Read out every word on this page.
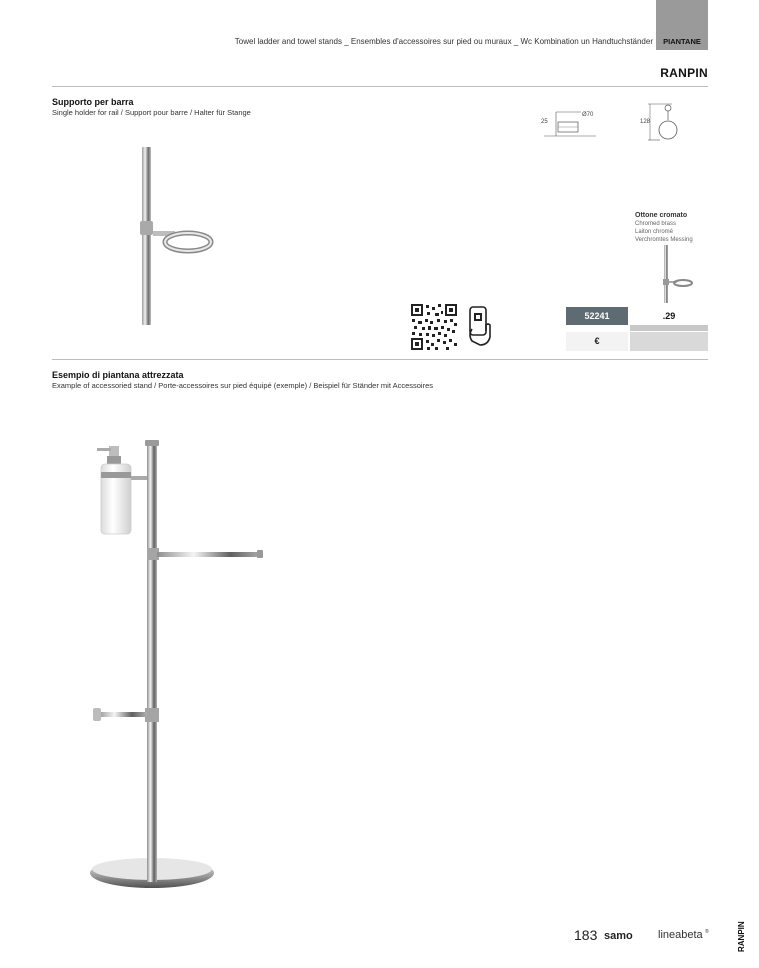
Towel ladder and towel stands _ Ensembles d'accessoires sur pied ou muraux _ Wc Kombination un Handtuchständer	PIANTANE
RANPIN
Supporto per barra
Single holder for rail / Support pour barre / Halter für Stange
25
Ø70
128
Ottone cromato
Chromed brass
Laiton chromé
Verchromtes Messing
52241	.29
€
Esempio di piantana attrezzata
Example of accessoried stand / Porte-accessoires sur pied équipé (exemple) / Beispiel für Ständer mit Accessoires
183 samo lineabeta ®	RANPIN
